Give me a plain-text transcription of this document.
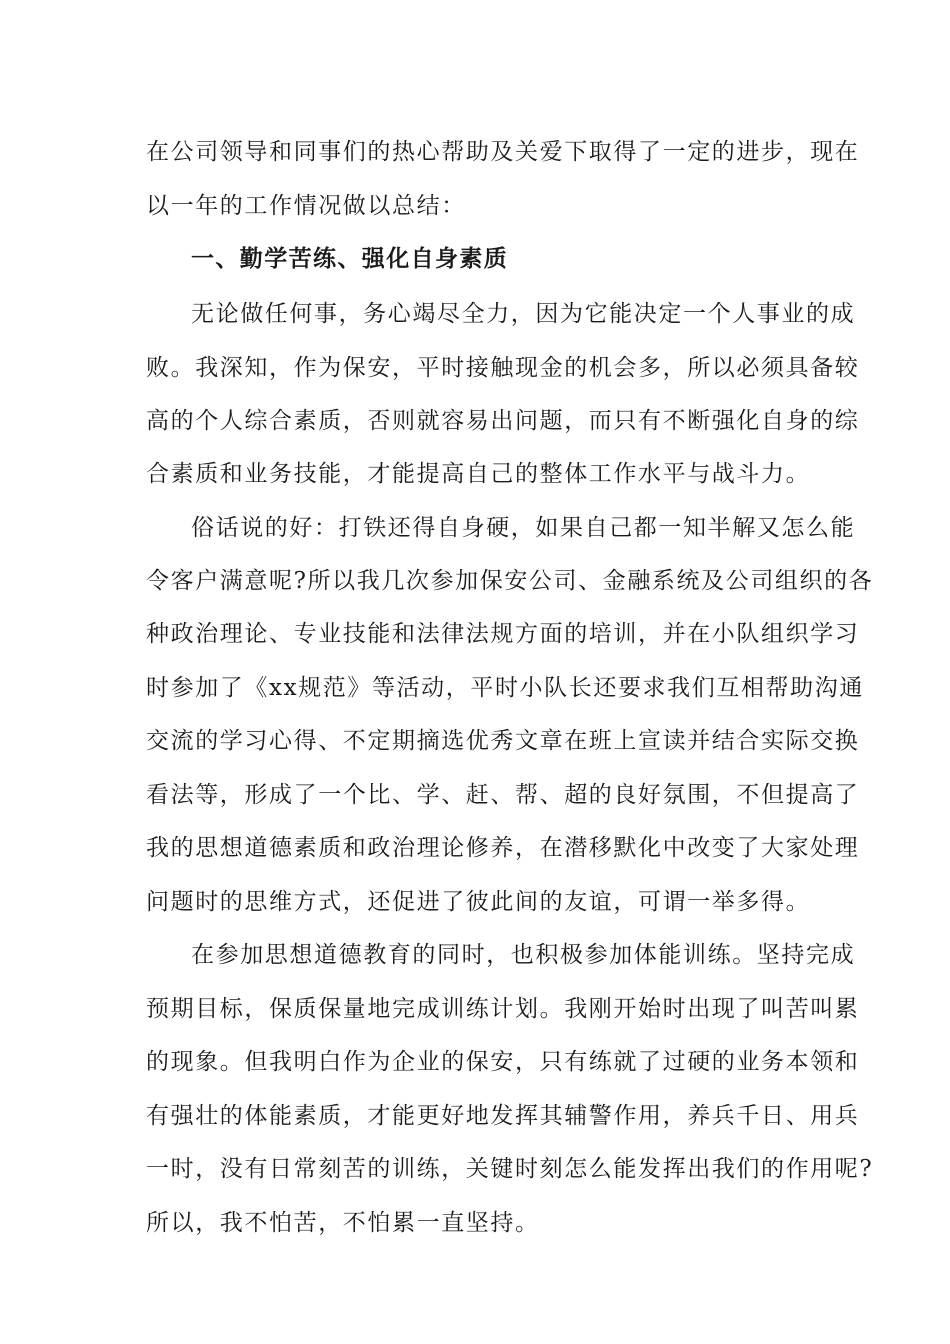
在公司领导和同事们的热心帮助及关爱下取得了一定的进步，现在
以一年的工作情况做以总结：
一、勤学苦练、强化自身素质
无论做任何事，务心竭尽全力，因为它能决定一个人事业的成
败。我深知，作为保安，平时接触现金的机会多，所以必须具备较
高的个人综合素质，否则就容易出问题，而只有不断强化自身的综
合素质和业务技能，才能提高自己的整体工作水平与战斗力。
俗话说的好：打铁还得自身硬，如果自己都一知半解又怎么能
令客户满意呢?所以我几次参加保安公司、金融系统及公司组织的各
种政治理论、专业技能和法律法规方面的培训，并在小队组织学习
时参加了《xx规范》等活动，平时小队长还要求我们互相帮助沟通
交流的学习心得、不定期摘选优秀文章在班上宣读并结合实际交换
看法等，形成了一个比、学、赶、帮、超的良好氛围，不但提高了
我的思想道德素质和政治理论修养，在潜移默化中改变了大家处理
问题时的思维方式，还促进了彼此间的友谊，可谓一举多得。
在参加思想道德教育的同时，也积极参加体能训练。坚持完成
预期目标，保质保量地完成训练计划。我刚开始时出现了叫苦叫累
的现象。但我明白作为企业的保安，只有练就了过硬的业务本领和
有强壮的体能素质，才能更好地发挥其辅警作用，养兵千日、用兵
一时，没有日常刻苦的训练，关键时刻怎么能发挥出我们的作用呢?
所以，我不怕苦，不怕累一直坚持。
